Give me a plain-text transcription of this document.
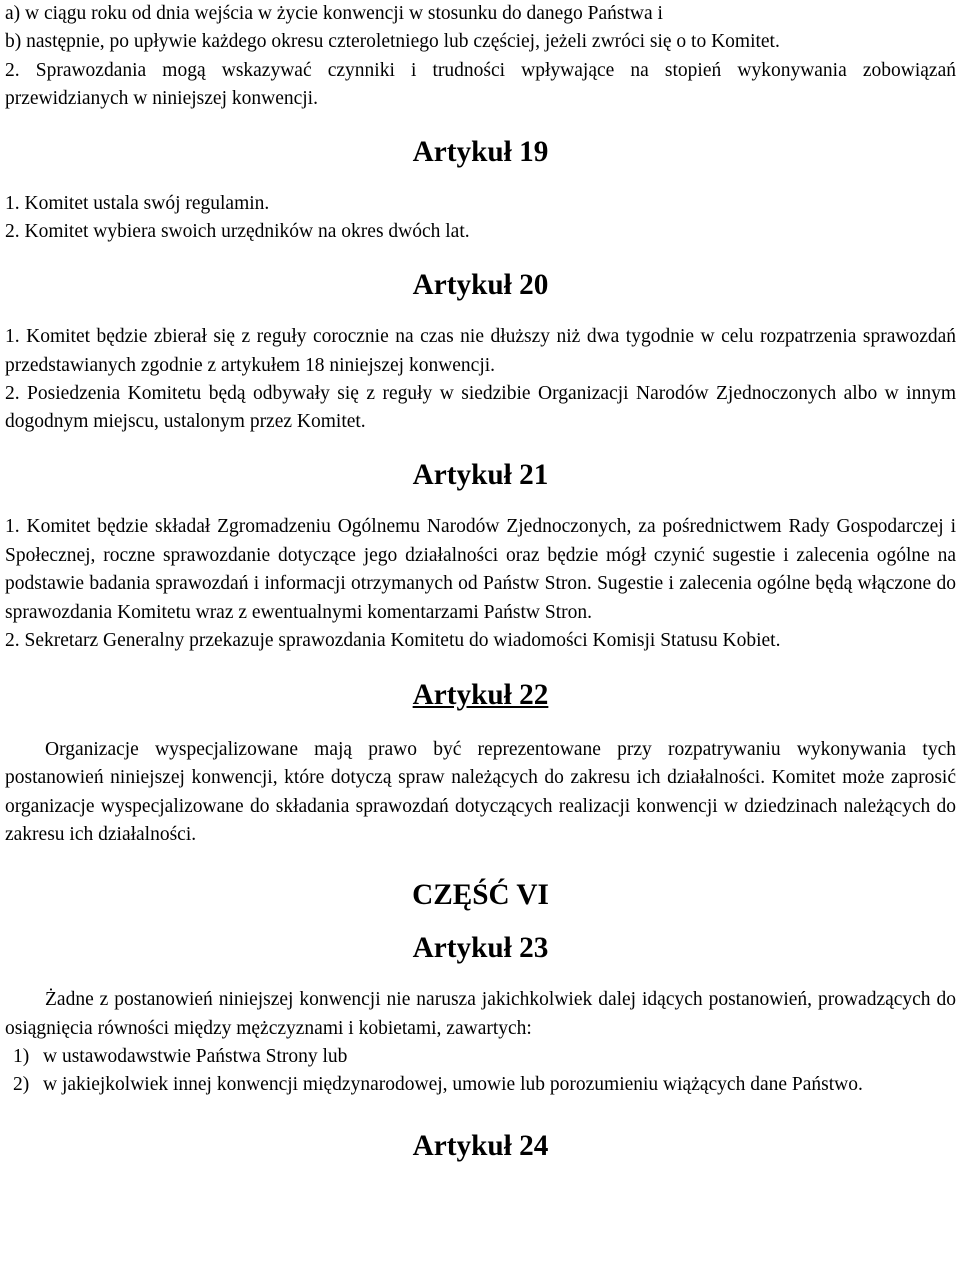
a) w ciągu roku od dnia wejścia w życie konwencji w stosunku do danego Państwa i

b) następnie, po upływie każdego okresu czteroletniego lub częściej, jeżeli zwróci się o to Komitet.

2. Sprawozdania mogą wskazywać czynniki i trudności wpływające na stopień wykonywania zobowiązań przewidzianych w niniejszej konwencji.

Artykuł 19

1. Komitet ustala swój regulamin.

2. Komitet wybiera swoich urzędników na okres dwóch lat.

Artykuł 20

1. Komitet będzie zbierał się z reguły corocznie na czas nie dłuższy niż dwa tygodnie w celu rozpatrzenia sprawozdań przedstawianych zgodnie z artykułem 18 niniejszej konwencji.

2. Posiedzenia Komitetu będą odbywały się z reguły w siedzibie Organizacji Narodów Zjednoczonych albo w innym dogodnym miejscu, ustalonym przez Komitet.

Artykuł 21

1. Komitet będzie składał Zgromadzeniu Ogólnemu Narodów Zjednoczonych, za pośrednictwem Rady Gospodarczej i Społecznej, roczne sprawozdanie dotyczące jego działalności oraz będzie mógł czynić sugestie i zalecenia ogólne na podstawie badania sprawozdań i informacji otrzymanych od Państw Stron. Sugestie i zalecenia ogólne będą włączone do sprawozdania Komitetu wraz z ewentualnymi komentarzami Państw Stron.

2. Sekretarz Generalny przekazuje sprawozdania Komitetu do wiadomości Komisji Statusu Kobiet.

Artykuł 22

Organizacje wyspecjalizowane mają prawo być reprezentowane przy rozpatrywaniu wykonywania tych postanowień niniejszej konwencji, które dotyczą spraw należących do zakresu ich działalności. Komitet może zaprosić organizacje wyspecjalizowane do składania sprawozdań dotyczących realizacji konwencji w dziedzinach należących do zakresu ich działalności.

CZĘŚĆ VI
Artykuł 23

Żadne z postanowień niniejszej konwencji nie narusza jakichkolwiek dalej idących postanowień, prowadzących do osiągnięcia równości między mężczyznami i kobietami, zawartych:

1) w ustawodawstwie Państwa Strony lub
2) w jakiejkolwiek innej konwencji międzynarodowej, umowie lub porozumieniu wiążących dane Państwo.
Artykuł 24
